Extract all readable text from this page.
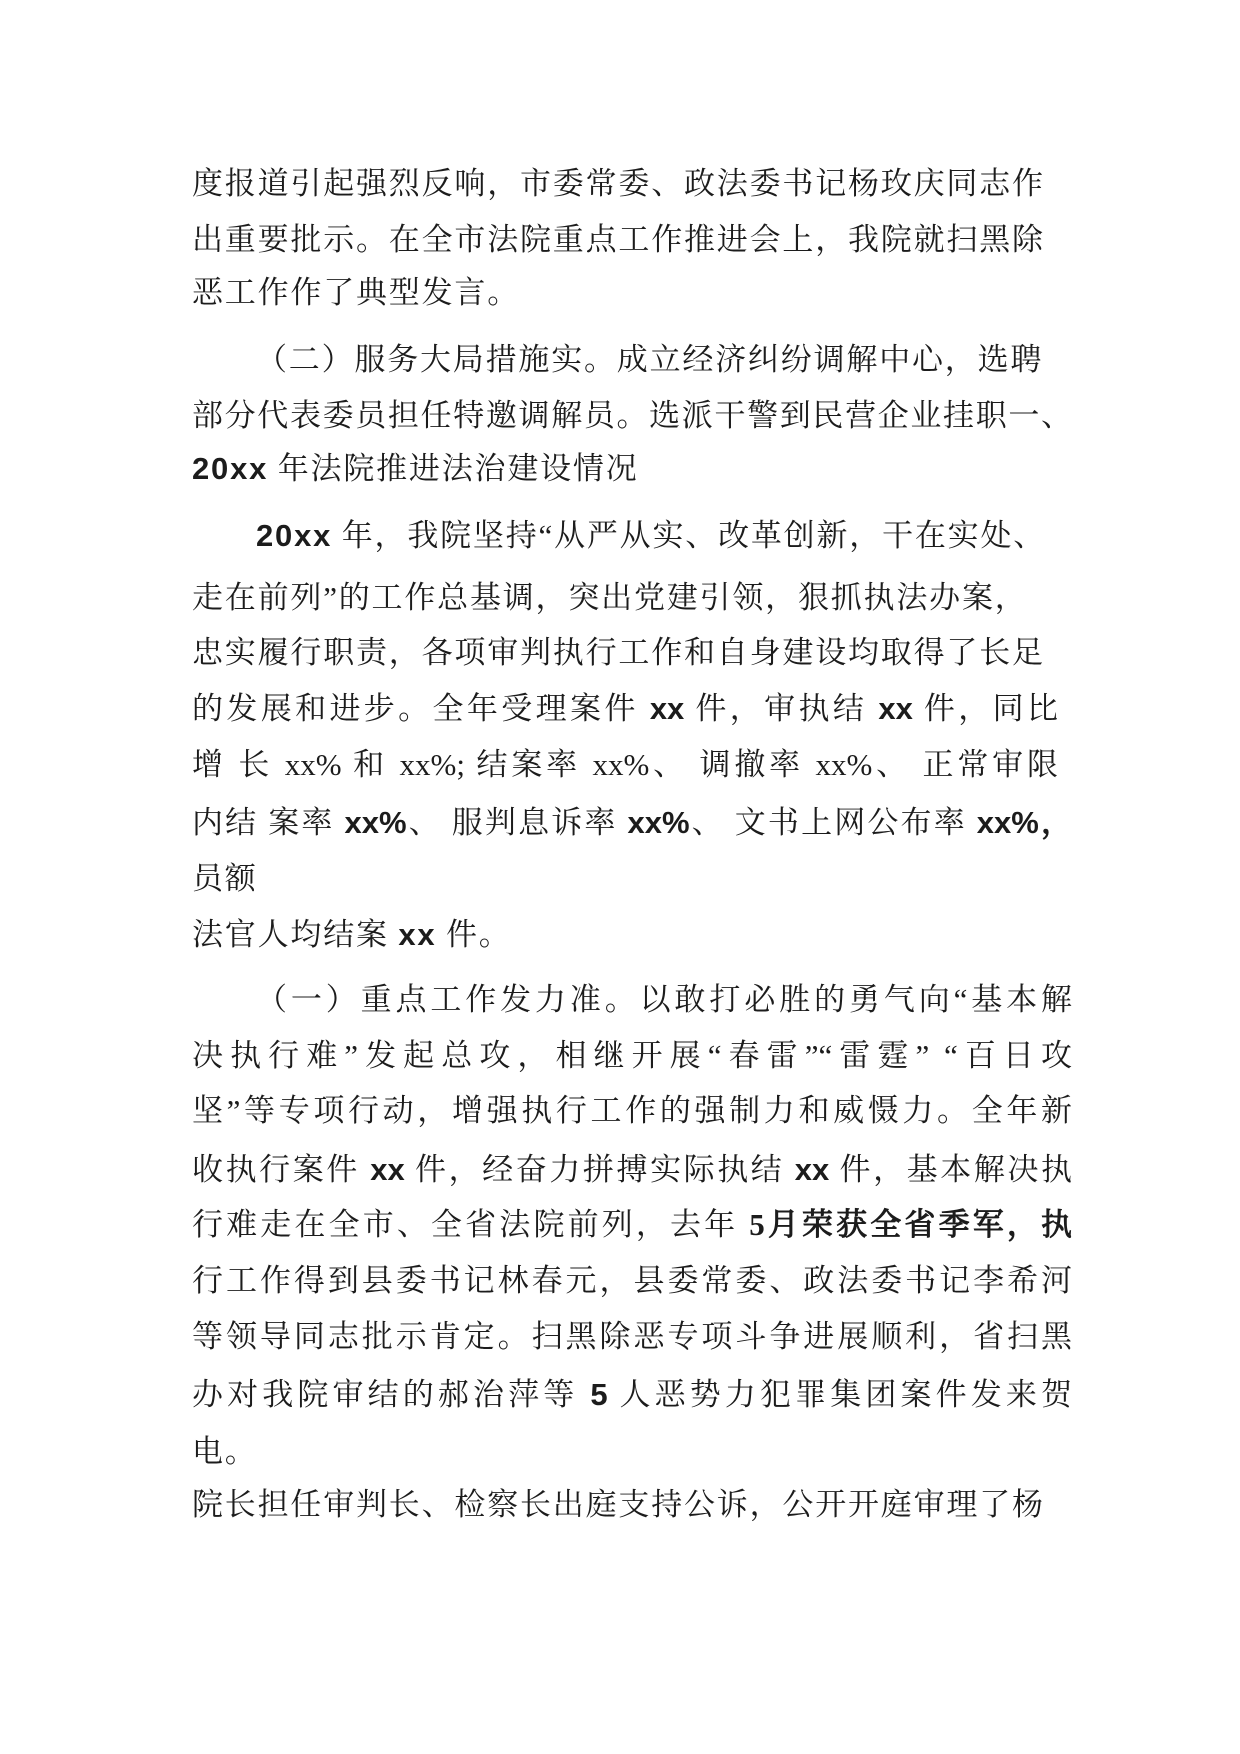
度报道引起强烈反响，市委常委、政法委书记杨玫庆同志作
出重要批示。在全市法院重点工作推进会上，我院就扫黑除
恶工作作了典型发言。
（二）服务大局措施实。成立经济纠纷调解中心，选聘
部分代表委员担任特邀调解员。选派干警到民营企业挂职一、
20xx 年法院推进法治建设情况
20xx 年，我院坚持“从严从实、改革创新，干在实处、
走在前列”的工作总基调，突出党建引领，狠抓执法办案，
忠实履行职责，各项审判执行工作和自身建设均取得了长足
的发展和进步。全年受理案件 xx 件，审执结 xx 件，同比
增 长 xx% 和 xx%; 结案率 xx%、 调撤率 xx%、 正常审限
内结 案率 xx%、 服判息诉率 xx%、 文书上网公布率 xx%，
员额
法官人均结案 xx 件。
（一）重点工作发力准。以敢打必胜的勇气向“基本解
决执行难”发起总攻，相继开展“春雷”“雷霆” “百日攻
坚”等专项行动，增强执行工作的强制力和威慑力。全年新
收执行案件 xx 件，经奋力拼搏实际执结 xx 件，基本解决执
行难走在全市、全省法院前列，去年 5月荣获全省季军，执
行工作得到县委书记林春元，县委常委、政法委书记李希河
等领导同志批示肯定。扫黑除恶专项斗争进展顺利，省扫黑
办对我院审结的郝治萍等 5 人恶势力犯罪集团案件发来贺
电。
院长担任审判长、检察长出庭支持公诉，公开开庭审理了杨
